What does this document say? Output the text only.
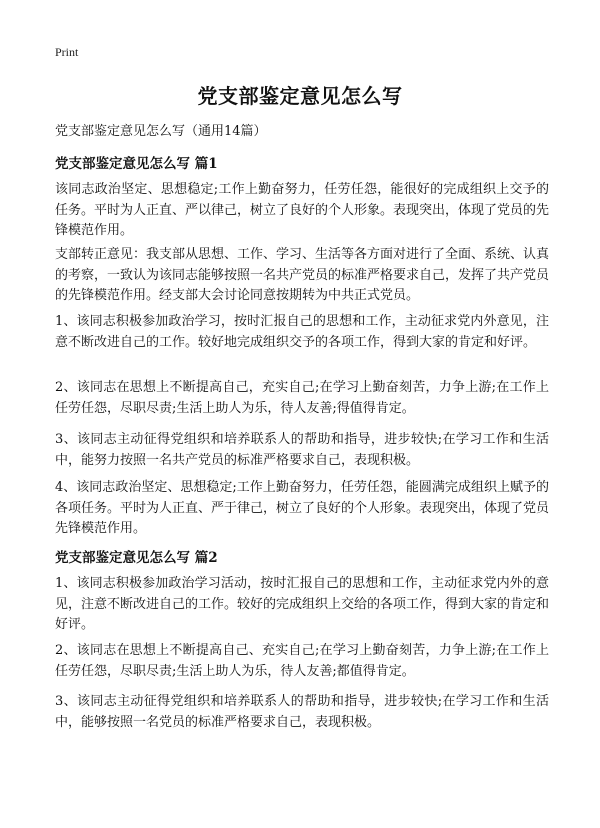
Print
党支部鉴定意见怎么写
党支部鉴定意见怎么写（通用14篇）
党支部鉴定意见怎么写 篇1
该同志政治坚定、思想稳定;工作上勤奋努力，任劳任怨，能很好的完成组织上交予的任务。平时为人正直、严以律己，树立了良好的个人形象。表现突出，体现了党员的先锋模范作用。
支部转正意见：我支部从思想、工作、学习、生活等各方面对进行了全面、系统、认真的考察，一致认为该同志能够按照一名共产党员的标准严格要求自己，发挥了共产党员的先锋模范作用。经支部大会讨论同意按期转为中共正式党员。
1、该同志积极参加政治学习，按时汇报自己的思想和工作，主动征求党内外意见，注意不断改进自己的工作。较好地完成组织交予的各项工作，得到大家的肯定和好评。
2、该同志在思想上不断提高自己，充实自己;在学习上勤奋刻苦，力争上游;在工作上任劳任怨，尽职尽责;生活上助人为乐，待人友善;得值得肯定。
3、该同志主动征得党组织和培养联系人的帮助和指导，进步较快;在学习工作和生活中，能努力按照一名共产党员的标准严格要求自己，表现积极。
4、该同志政治坚定、思想稳定;工作上勤奋努力，任劳任怨，能圆满完成组织上赋予的各项任务。平时为人正直、严于律己，树立了良好的个人形象。表现突出，体现了党员先锋模范作用。
党支部鉴定意见怎么写 篇2
1、该同志积极参加政治学习活动，按时汇报自己的思想和工作，主动征求党内外的意见，注意不断改进自己的工作。较好的完成组织上交给的各项工作，得到大家的肯定和好评。
2、该同志在思想上不断提高自己、充实自己;在学习上勤奋刻苦，力争上游;在工作上任劳任怨，尽职尽责;生活上助人为乐，待人友善;都值得肯定。
3、该同志主动征得党组织和培养联系人的帮助和指导，进步较快;在学习工作和生活中，能够按照一名党员的标准严格要求自己，表现积极。
